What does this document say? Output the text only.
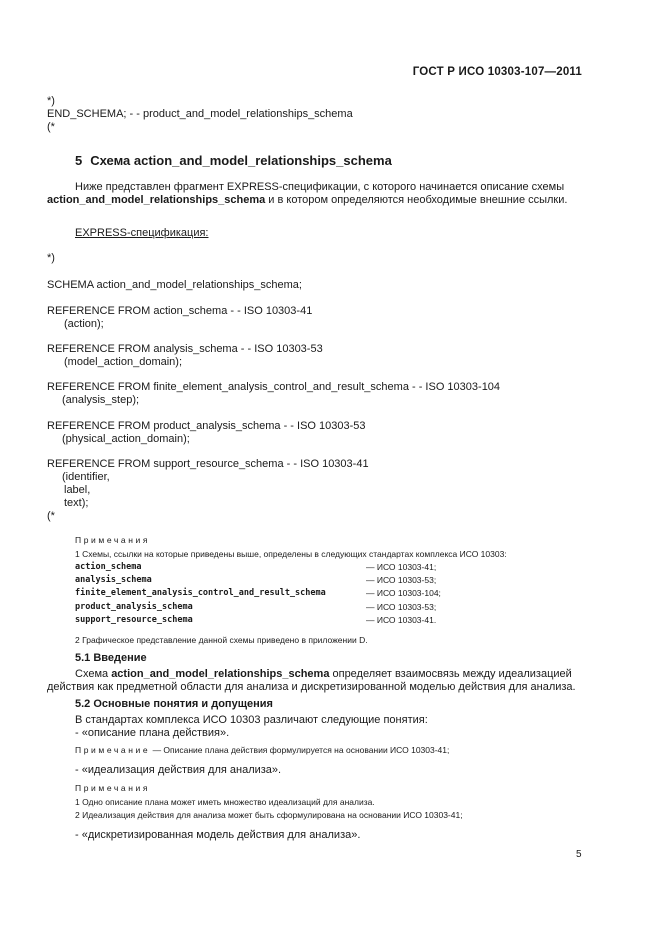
ГОСТ Р ИСО 10303-107—2011
*)
END_SCHEMA; - - product_and_model_relationships_schema
(*
5 Схема action_and_model_relationships_schema
Ниже представлен фрагмент EXPRESS-спецификации, с которого начинается описание схемы
action_and_model_relationships_schema и в котором определяются необходимые внешние ссылки.
EXPRESS-спецификация:
*)
SCHEMA action_and_model_relationships_schema;
REFERENCE FROM action_schema - - ISO 10303-41
(action);
REFERENCE FROM analysis_schema - - ISO 10303-53
(model_action_domain);
REFERENCE FROM finite_element_analysis_control_and_result_schema - - ISO 10303-104
(analysis_step);
REFERENCE FROM product_analysis_schema - - ISO 10303-53
(physical_action_domain);
REFERENCE FROM support_resource_schema - - ISO 10303-41
(identifier,
label,
text);
(*
Примечания
1 Схемы, ссылки на которые приведены выше, определены в следующих стандартах комплекса ИСО 10303:
action_schema	— ИСО 10303-41;
analysis_schema	— ИСО 10303-53;
finite_element_analysis_control_and_result_schema	— ИСО 10303-104;
product_analysis_schema	— ИСО 10303-53;
support_resource_schema	— ИСО 10303-41.
2 Графическое представление данной схемы приведено в приложении D.
5.1 Введение
Схема action_and_model_relationships_schema определяет взаимосвязь между идеализацией
действия как предметной области для анализа и дискретизированной моделью действия для анализа.
5.2 Основные понятия и допущения
В стандартах комплекса ИСО 10303 различают следующие понятия:
- «описание плана действия».
Примечание — Описание плана действия формулируется на основании ИСО 10303-41;
- «идеализация действия для анализа».
Примечания
1 Одно описание плана может иметь множество идеализаций для анализа.
2 Идеализация действия для анализа может быть сформулирована на основании ИСО 10303-41;
- «дискретизированная модель действия для анализа».
5
